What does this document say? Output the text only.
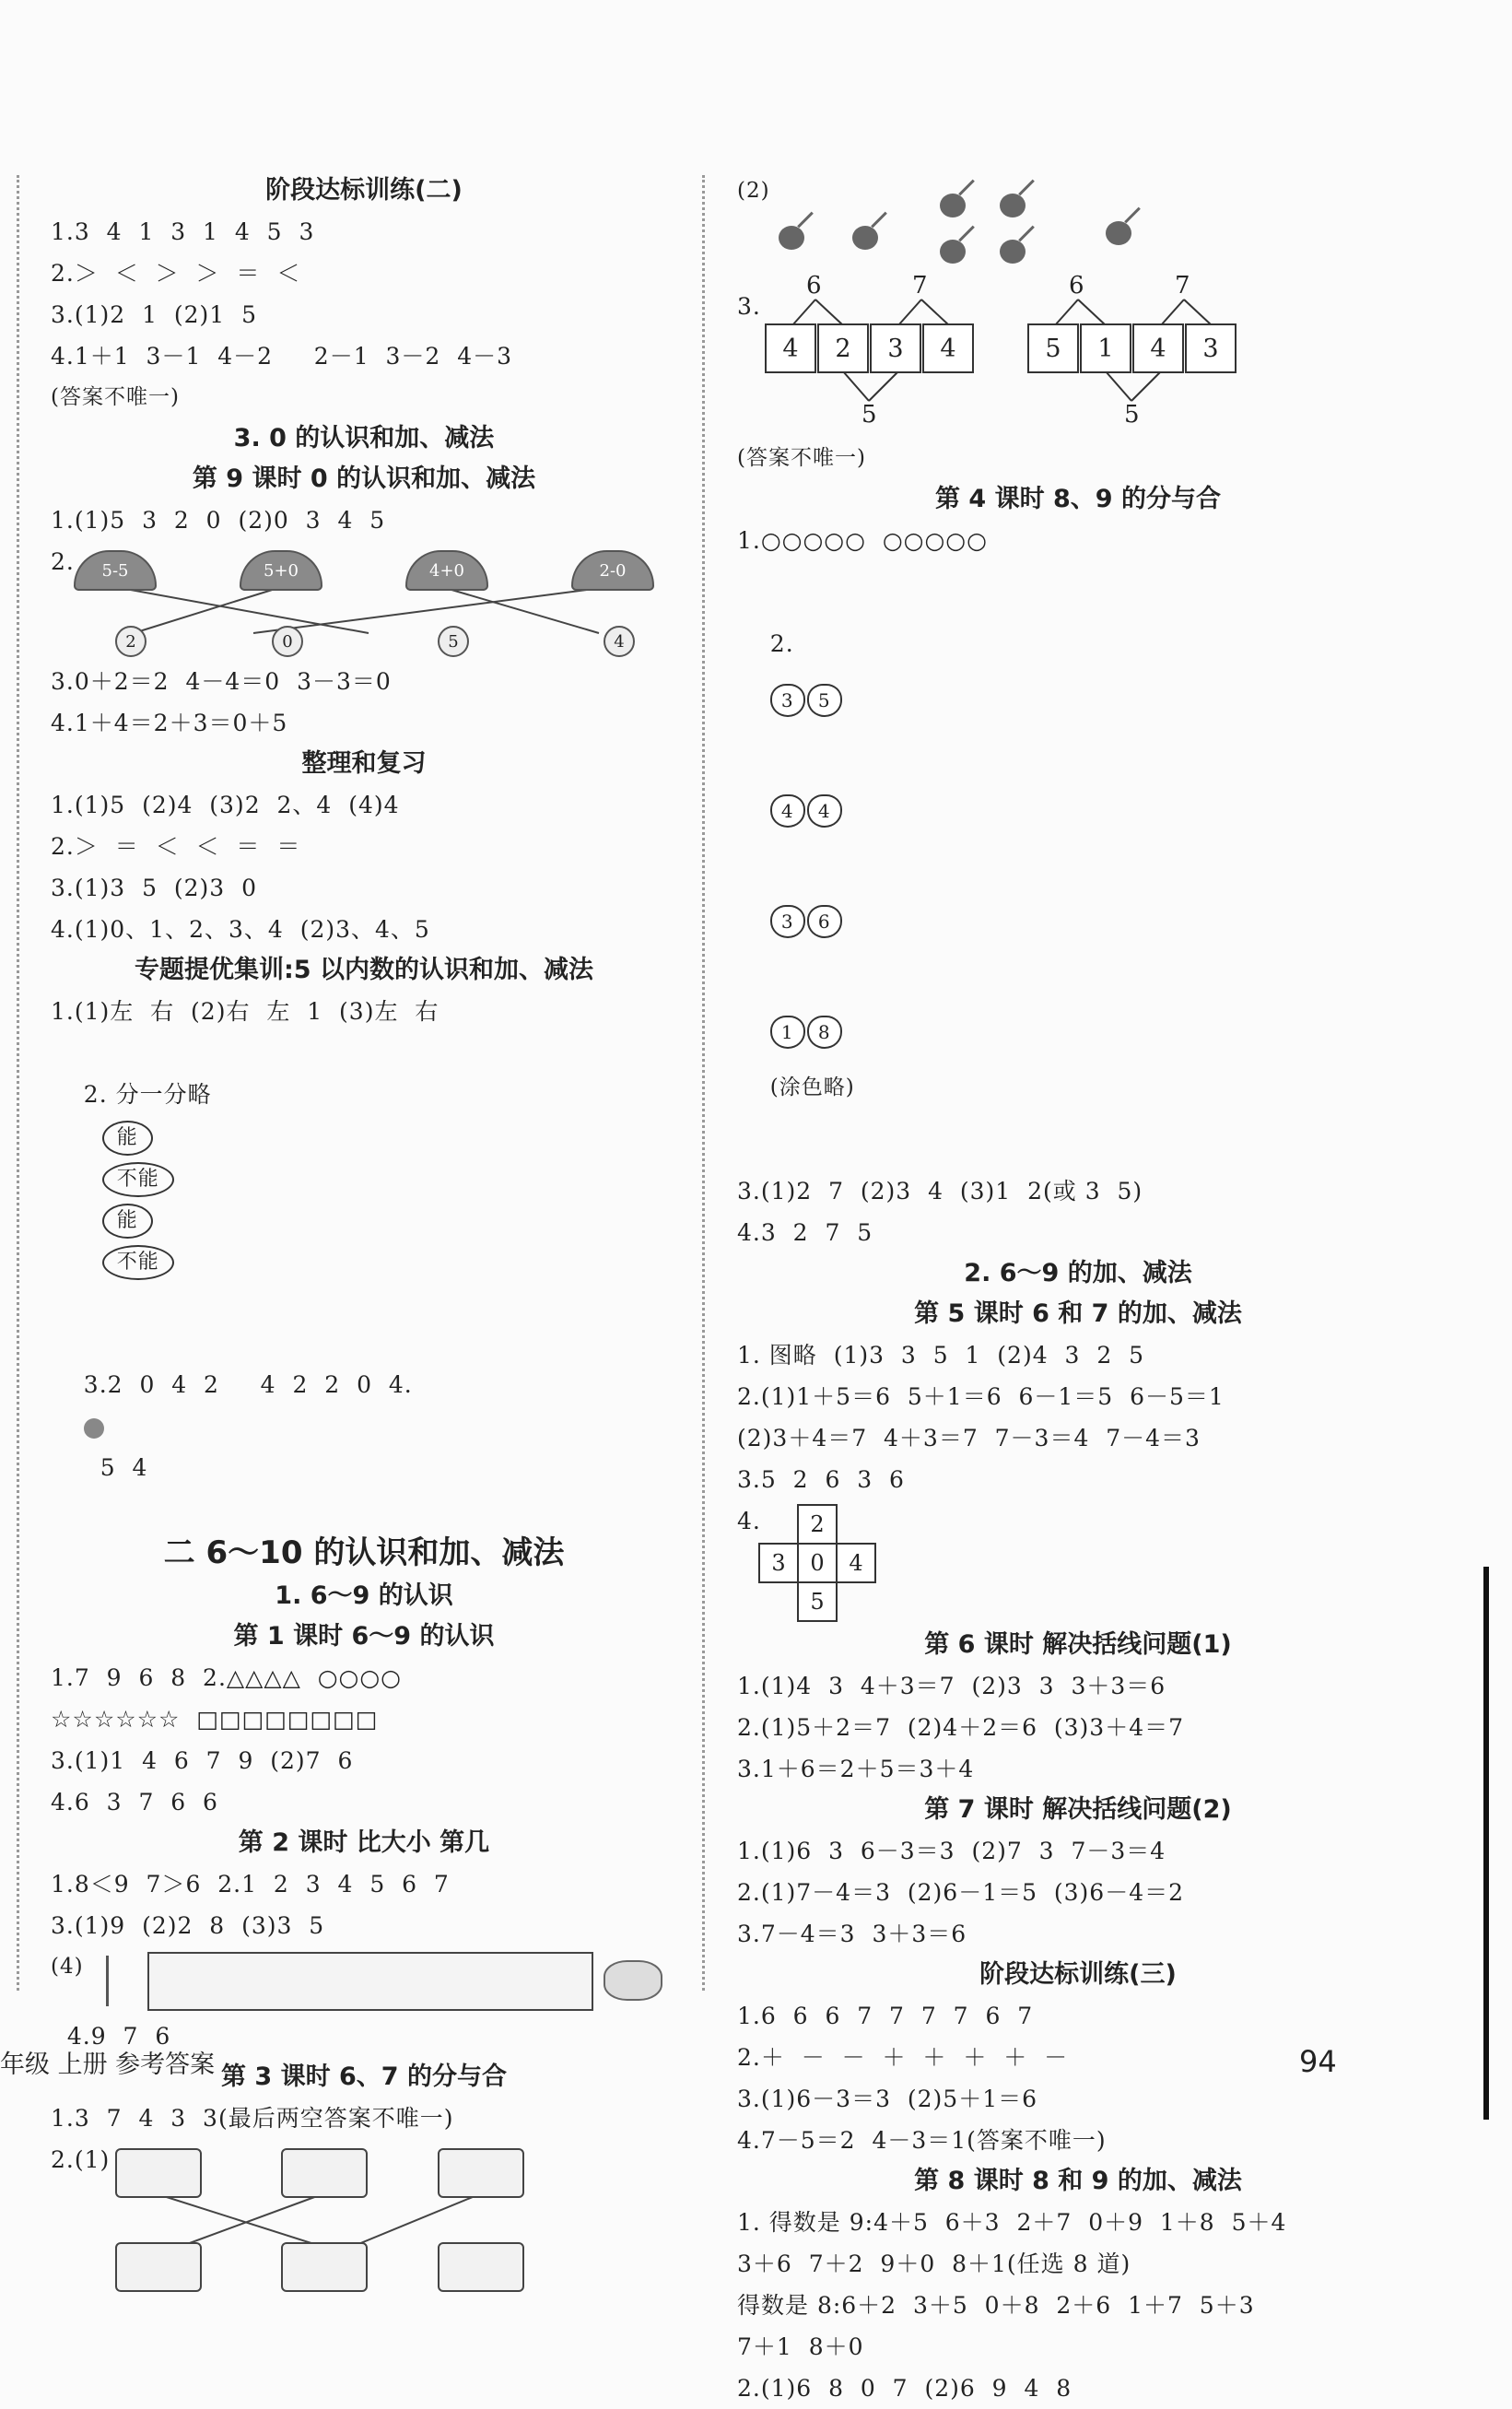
阶段达标训练(二)
1.3  4  1  3  1  4  5  3
2.＞  ＜  ＞  ＞  ＝  ＜
3.(1)2  1  (2)1  5
4.1＋1  3－1  4－2     2－1  3－2  4－3
(答案不唯一)
3. 0 的认识和加、减法
第 9 课时 0 的认识和加、减法
1.(1)5  3  2  0  (2)0  3  4  5
2.	5-5	5+0	4+0	2-0
2	0	5	4
3.0＋2＝2  4－4＝0  3－3＝0
4.1＋4＝2＋3＝0＋5
整理和复习
1.(1)5  (2)4  (3)2  2、4  (4)4
2.＞  ＝  ＜  ＜  ＝  ＝
3.(1)3  5  (2)3  0
4.(1)0、1、2、3、4  (2)3、4、5
专题提优集训:5 以内数的认识和加、减法
1.(1)左  右  (2)右  左  1  (3)左  右

2. 分一分略
能
不能
能
不能

3.2  0  4  2     4  2  2  0  4.

5  4

二 6～10 的认识和加、减法
1. 6～9 的认识
第 1 课时 6～9 的认识
1.7  9  6  8  2.△△△△  ○○○○
☆☆☆☆☆☆  □□□□□□□□
3.(1)1  4  6  7  9  (2)7  6
4.6  3  7  6  6
第 2 课时 比大小 第几
1.8＜9  7＞6  2.1  2  3  4  5  6  7
3.(1)9  (2)2  8  (3)3  5
(4)
4.9  7  6
第 3 课时 6、7 的分与合
1.3  7  4  3  3(最后两空答案不唯一)
2.(1)
(2)
3.
6	7
4	2	3	4
5
6	7
5	1	4	3
5
(答案不唯一)
第 4 课时 8、9 的分与合
1.○○○○○  ○○○○○

2.
3 5

4 4

3 6

1 8
(涂色略)

3.(1)2  7  (2)3  4  (3)1  2(或 3  5)
4.3  2  7  5
2. 6～9 的加、减法
第 5 课时 6 和 7 的加、减法
1. 图略  (1)3  3  5  1  (2)4  3  2  5
2.(1)1＋5＝6  5＋1＝6  6－1＝5  6－5＝1
(2)3＋4＝7  4＋3＝7  7－3＝4  7－4＝3
3.5  2  6  3  6
4.	2
3	0	4
5
第 6 课时 解决括线问题(1)
1.(1)4  3  4＋3＝7  (2)3  3  3＋3＝6
2.(1)5＋2＝7  (2)4＋2＝6  (3)3＋4＝7
3.1＋6＝2＋5＝3＋4
第 7 课时 解决括线问题(2)
1.(1)6  3  6－3＝3  (2)7  3  7－3＝4
2.(1)7－4＝3  (2)6－1＝5  (3)6－4＝2
3.7－4＝3  3＋3＝6
阶段达标训练(三)
1.6  6  6  7  7  7  7  6  7
2.＋  －  －  ＋  ＋  ＋  ＋  －
3.(1)6－3＝3  (2)5＋1＝6
4.7－5＝2  4－3＝1(答案不唯一)
第 8 课时 8 和 9 的加、减法
1. 得数是 9:4＋5  6＋3  2＋7  0＋9  1＋8  5＋4
3＋6  7＋2  9＋0  8＋1(任选 8 道)
得数是 8:6＋2  3＋5  0＋8  2＋6  1＋7  5＋3
7＋1  8＋0
2.(1)6  8  0  7  (2)6  9  4  8
年级 上册 参考答案	94
